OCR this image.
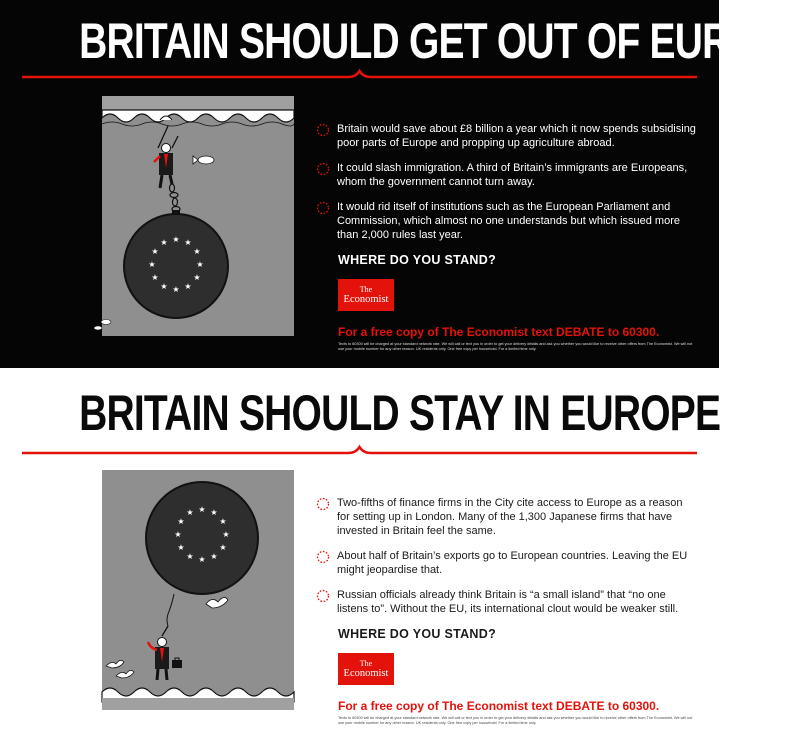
BRITAIN SHOULD GET OUT OF EUROPE
★ ★
★
★
★
★
★
★
★
★
★
★
Britain would save about £8 billion a year which it now spends subsidising poor parts of Europe and propping up agriculture abroad.
It could slash immigration. A third of Britain’s immigrants are Europeans, whom the government cannot turn away.
It would rid itself of institutions such as the European Parliament and Commission, which almost no one understands but which issued more than 2,000 rules last year.
WHERE DO YOU STAND?
The
Economist
For a free copy of The Economist text DEBATE to 60300.
Texts to 60300 will be charged at your standard network rate. We will call or text you in order to get your delivery details and ask you whether you would like to receive other offers from The Economist. We will not use your mobile number for any other reason. UK residents only. One free copy per household. For a limited time only.
BRITAIN SHOULD STAY IN EUROPE
★ ★
★
★
★
★
★
★
★
★
★
★
Two-fifths of finance firms in the City cite access to Europe as a reason for setting up in London. Many of the 1,300 Japanese firms that have invested in Britain feel the same.
About half of Britain’s exports go to European countries. Leaving the EU might jeopardise that.
Russian officials already think Britain is “a small island” that “no one listens to”. Without the EU, its international clout would be weaker still.
WHERE DO YOU STAND?
The
Economist
For a free copy of The Economist text DEBATE to 60300.
Texts to 60300 will be charged at your standard network rate. We will call or text you in order to get your delivery details and ask you whether you would like to receive other offers from The Economist. We will not use your mobile number for any other reason. UK residents only. One free copy per household. For a limited time only.
